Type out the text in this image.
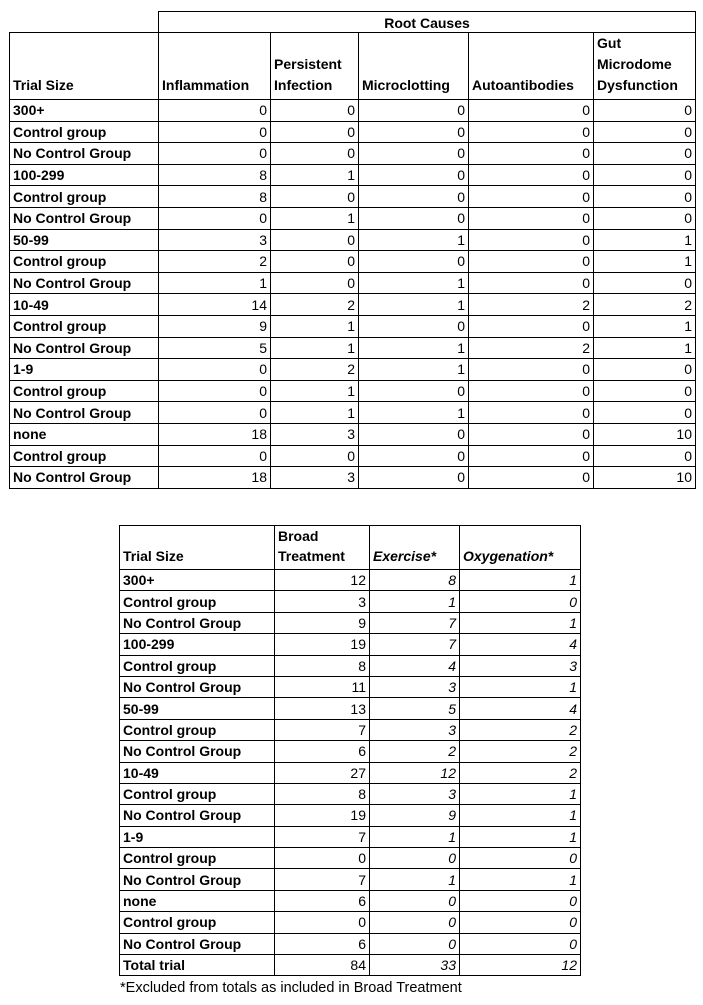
	Root Causes				
Trial Size	Inflammation	Persistent Infection	Microclotting	Autoantibodies	Gut Microdome Dysfunction
300+	0	0	0	0	0
Control group	0	0	0	0	0
No Control Group	0	0	0	0	0
100-299	8	1	0	0	0
Control group	8	0	0	0	0
No Control Group	0	1	0	0	0
50-99	3	0	1	0	1
Control group	2	0	0	0	1
No Control Group	1	0	1	0	0
10-49	14	2	1	2	2
Control group	9	1	0	0	1
No Control Group	5	1	1	2	1
1-9	0	2	1	0	0
Control group	0	1	0	0	0
No Control Group	0	1	1	0	0
none	18	3	0	0	10
Control group	0	0	0	0	0
No Control Group	18	3	0	0	10
Trial Size	Broad Treatment	Exercise*	Oxygenation*
300+	12	8	1
Control group	3	1	0
No Control Group	9	7	1
100-299	19	7	4
Control group	8	4	3
No Control Group	11	3	1
50-99	13	5	4
Control group	7	3	2
No Control Group	6	2	2
10-49	27	12	2
Control group	8	3	1
No Control Group	19	9	1
1-9	7	1	1
Control group	0	0	0
No Control Group	7	1	1
none	6	0	0
Control group	0	0	0
No Control Group	6	0	0
Total trial	84	33	12
*Excluded from totals as included in Broad Treatment
